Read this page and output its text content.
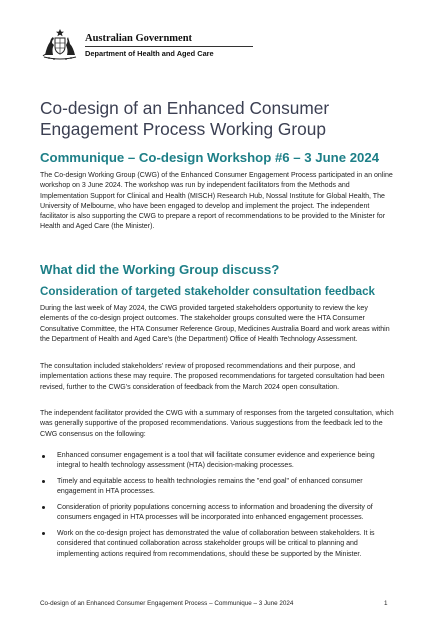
Australian Government
Department of Health and Aged Care
Co-design of an Enhanced Consumer Engagement Process Working Group
Communique – Co-design Workshop #6 – 3 June 2024

The Co-design Working Group (CWG) of the Enhanced Consumer Engagement Process participated in an online workshop on 3 June 2024. The workshop was run by independent facilitators from the Methods and Implementation Support for Clinical and Health (MISCH) Research Hub, Nossal Institute for Global Health, The University of Melbourne, who have been engaged to develop and implement the project. The independent facilitator is also supporting the CWG to prepare a report of recommendations to be provided to the Minister for Health and Aged Care (the Minister).

What did the Working Group discuss?
Consideration of targeted stakeholder consultation feedback

During the last week of May 2024, the CWG provided targeted stakeholders opportunity to review the key elements of the co-design project outcomes. The stakeholder groups consulted were the HTA Consumer Consultative Committee, the HTA Consumer Reference Group, Medicines Australia Board and work areas within the Department of Health and Aged Care's (the Department) Office of Health Technology Assessment.

The consultation included stakeholders' review of proposed recommendations and their purpose, and implementation actions these may require. The proposed recommendations for targeted consultation had been revised, further to the CWG's consideration of feedback from the March 2024 open consultation.

The independent facilitator provided the CWG with a summary of responses from the targeted consultation, which was generally supportive of the proposed recommendations. Various suggestions from the feedback led to the CWG consensus on the following:

Enhanced consumer engagement is a tool that will facilitate consumer evidence and experience being integral to health technology assessment (HTA) decision-making processes.
Timely and equitable access to health technologies remains the "end goal" of enhanced consumer engagement in HTA processes.
Consideration of priority populations concerning access to information and broadening the diversity of consumers engaged in HTA processes will be incorporated into enhanced engagement processes.
Work on the co-design project has demonstrated the value of collaboration between stakeholders. It is considered that continued collaboration across stakeholder groups will be critical to planning and implementing actions required from recommendations, should these be supported by the Minister.
Co-design of an Enhanced Consumer Engagement Process – Communique – 3 June 2024	1
